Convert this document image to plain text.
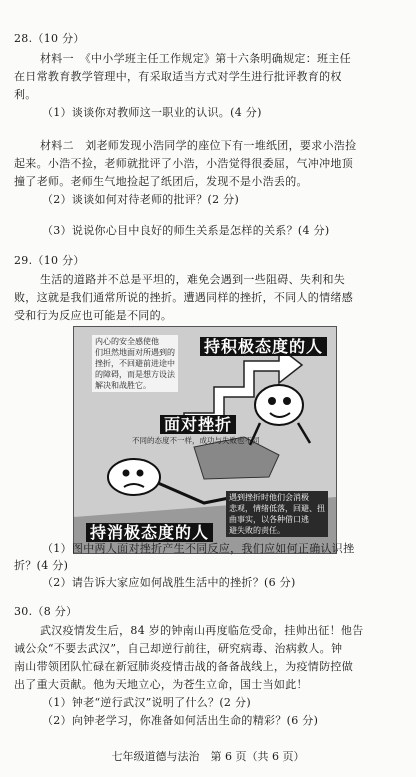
28.（10 分）
材料一　《中小学班主任工作规定》第十六条明确规定：班主任
在日常教育教学管理中，有采取适当方式对学生进行批评教育的权
利。
（1）谈谈你对教师这一职业的认识。(4 分)
材料二　刘老师发现小浩同学的座位下有一堆纸团，要求小浩捡
起来。小浩不捡，老师就批评了小浩，小浩觉得很委屈，气冲冲地顶
撞了老师。老师生气地捡起了纸团后，发现不是小浩丢的。
（2）谈谈如何对待老师的批评？(2 分)
（3）说说你心目中良好的师生关系是怎样的关系？(4 分)
29.（10 分）
生活的道路并不总是平坦的，难免会遇到一些阻碍、失利和失
败，这就是我们通常所说的挫折。遭遇同样的挫折，不同人的情绪感
受和行为反应也可能是不同的。
内心的安全感使他
们坦然地面对所遇到的
挫折，不回避前进途中
的障碍，而是想方设法
解决和战胜它。
持积极态度的人
面对挫折
不同的态度不一样，成功与失败也不同
遇到挫折时他们会消极
悲观，情绪低落，回避、扭
曲事实，以各种借口逃
避失败的责任。
持消极态度的人
（1）图中两人面对挫折产生不同反应，我们应如何正确认识挫
折？(4 分)
（2）请告诉大家应如何战胜生活中的挫折？(6 分)
30.（8 分）
武汉疫情发生后，84 岁的钟南山再度临危受命，挂帅出征！他告
诫公众“不要去武汉”，自己却逆行前往，研究病毒、治病救人。钟
南山带领团队忙碌在新冠肺炎疫情击战的备备战线上，为疫情防控做
出了重大贡献。他为天地立心，为苍生立命，国士当如此！
（1）钟老“逆行武汉”说明了什么？(2 分)
（2）向钟老学习，你准备如何活出生命的精彩？(6 分)
七年级道德与法治　第 6 页（共 6 页）
